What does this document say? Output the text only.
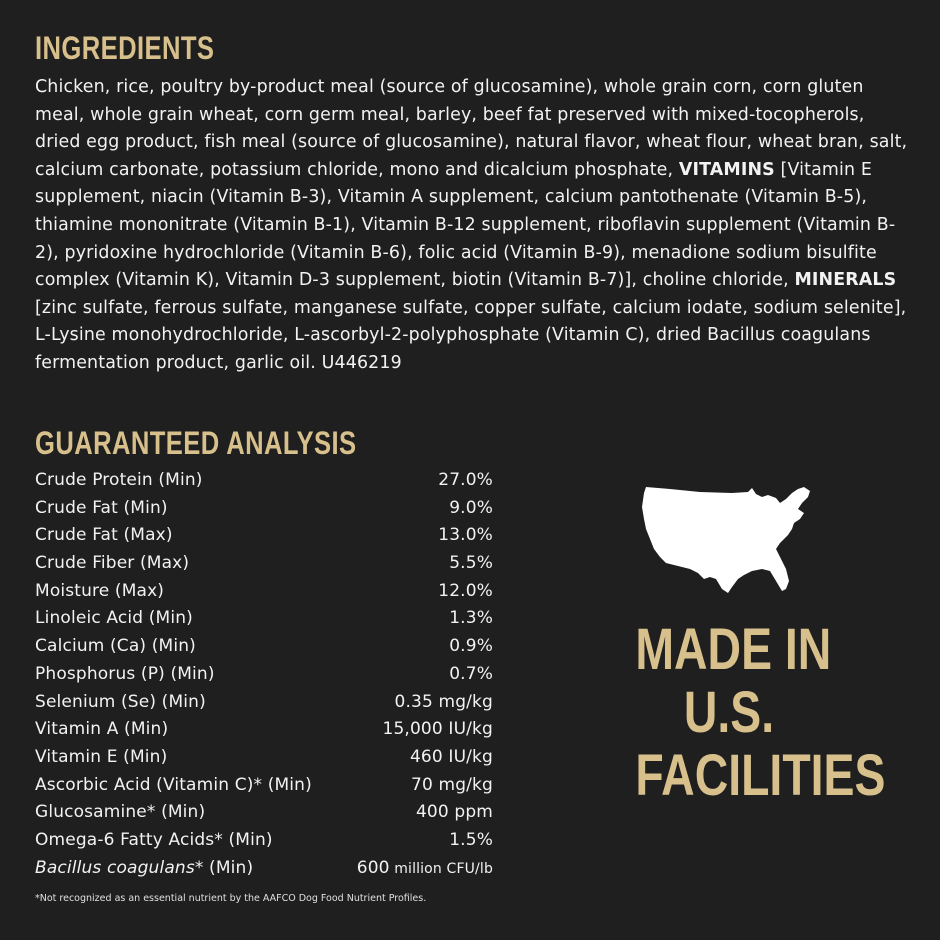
INGREDIENTS

Chicken, rice, poultry by-product meal (source of glucosamine), whole grain corn, corn gluten meal, whole grain wheat, corn germ meal, barley, beef fat preserved with mixed-tocopherols, dried egg product, fish meal (source of glucosamine), natural flavor, wheat flour, wheat bran, salt, calcium carbonate, potassium chloride, mono and dicalcium phosphate, VITAMINS [Vitamin E supplement, niacin (Vitamin B-3), Vitamin A supplement, calcium pantothenate (Vitamin B-5), thiamine mononitrate (Vitamin B-1), Vitamin B-12 supplement, riboflavin supplement (Vitamin B-2), pyridoxine hydrochloride (Vitamin B-6), folic acid (Vitamin B-9), menadione sodium bisulfite complex (Vitamin K), Vitamin D-3 supplement, biotin (Vitamin B-7)], choline chloride, MINERALS [zinc sulfate, ferrous sulfate, manganese sulfate, copper sulfate, calcium iodate, sodium selenite], L-Lysine monohydrochloride, L-ascorbyl-2-polyphosphate (Vitamin C), dried Bacillus coagulans fermentation product, garlic oil. U446219

GUARANTEED ANALYSIS
Crude Protein (Min)	27.0%
Crude Fat (Min)	9.0%
Crude Fat (Max)	13.0%
Crude Fiber (Max)	5.5%
Moisture (Max)	12.0%
Linoleic Acid (Min)	1.3%
Calcium (Ca) (Min)	0.9%
Phosphorus (P) (Min)	0.7%
Selenium (Se) (Min)	0.35 mg/kg
Vitamin A (Min)	15,000 IU/kg
Vitamin E (Min)	460 IU/kg
Ascorbic Acid (Vitamin C)* (Min)	70 mg/kg
Glucosamine* (Min)	400 ppm
Omega-6 Fatty Acids* (Min)	1.5%
Bacillus coagulans* (Min)	600 million CFU/lb
*Not recognized as an essential nutrient by the AAFCO Dog Food Nutrient Profiles.
MADE IN
U.S.
FACILITIES
